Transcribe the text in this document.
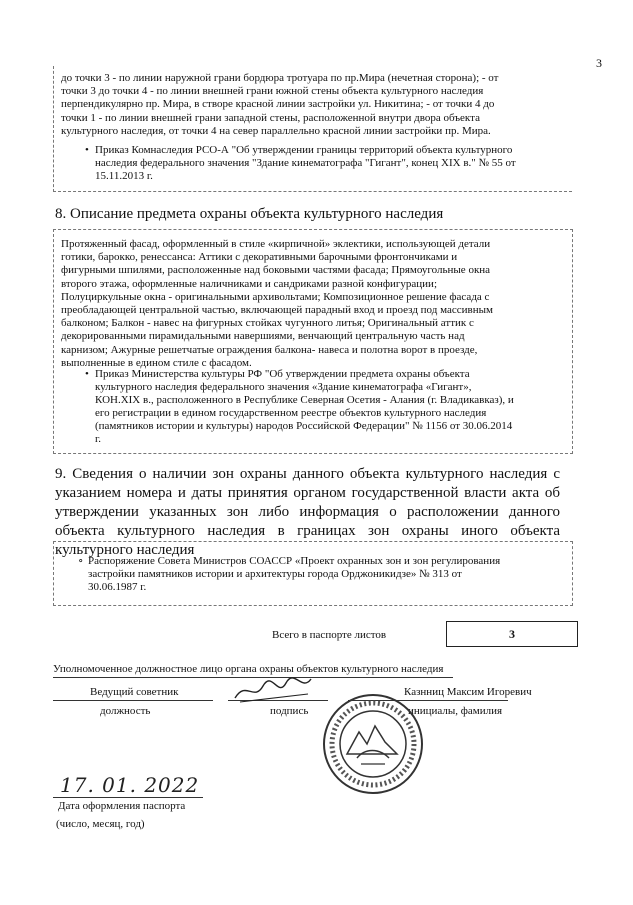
3

до точки 3 - по линии наружной грани бордюра тротуара по пр.Мира (нечетная сторона); - от

точки 3 до точки 4 - по линии внешней грани южной стены объекта культурного наследия

перпендикулярно пр. Мира, в створе красной линии застройки ул. Никитина; - от точки 4 до

точки 1 - по линии внешней грани западной стены, расположенной внутри двора объекта

культурного наследия, от точки 4 на север параллельно красной линии застройки пр. Мира.

• Приказ Комнаследия РСО-А "Об утверждении границы территорий объекта культурного
наследия федерального значения "Здание кинематографа "Гигант", конец XIX в." № 55 от
15.11.2013 г.
8. Описание предмета охраны объекта культурного наследия

Протяженный фасад, оформленный в стиле «кирпичной» эклектики, использующей детали

готики, барокко, ренессанса: Аттики с декоративными барочными фронтончиками и

фигурными шпилями, расположенные над боковыми частями фасада; Прямоугольные окна

второго этажа, оформленные наличниками и сандриками разной конфигурации;

Полуциркульные окна - оригинальными архивольтами; Композиционное решение фасада с

преобладающей центральной частью, включающей парадный вход и проезд под массивным

балконом; Балкон - навес на фигурных стойках чугунного литья; Оригинальный аттик с

декорированными пирамидальными навершиями, венчающий центральную часть над

карнизом; Ажурные решетчатые ограждения балкона- навеса и полотна ворот в проезде,

выполненные в едином стиле с фасадом.

• Приказ Министерства культуры РФ "Об утверждении предмета охраны объекта
культурного наследия федерального значения «Здание кинематографа «Гигант»,
КОН.XIX в., расположенного в Республике Северная Осетия - Алания (г. Владикавказ), и
его регистрации в едином государственном реестре объектов культурного наследия
(памятников истории и культуры) народов Российской Федерации" № 1156 от 30.06.2014
г.
9. Сведения о наличии зон охраны данного объекта культурного наследия с указанием номера и даты принятия органом государственной власти акта об утверждении указанных зон либо информация о расположении данного объекта культурного наследия в границах зон охраны иного объекта культурного наследия
∘ Распоряжение Совета Министров СОАССР «Проект охранных зон и зон регулирования
застройки памятников истории и архитектуры города Орджоникидзе» № 313 от
30.06.1987 г.
Всего в паспорте листов	3
Уполномоченное должностное лицо органа охраны объектов культурного наследия
Ведущий советник
должность	подпись
Казнниц Максим Игоревич
инициалы, фамилия
17. 01. 2022
Дата оформления паспорта
(число, месяц, год)
